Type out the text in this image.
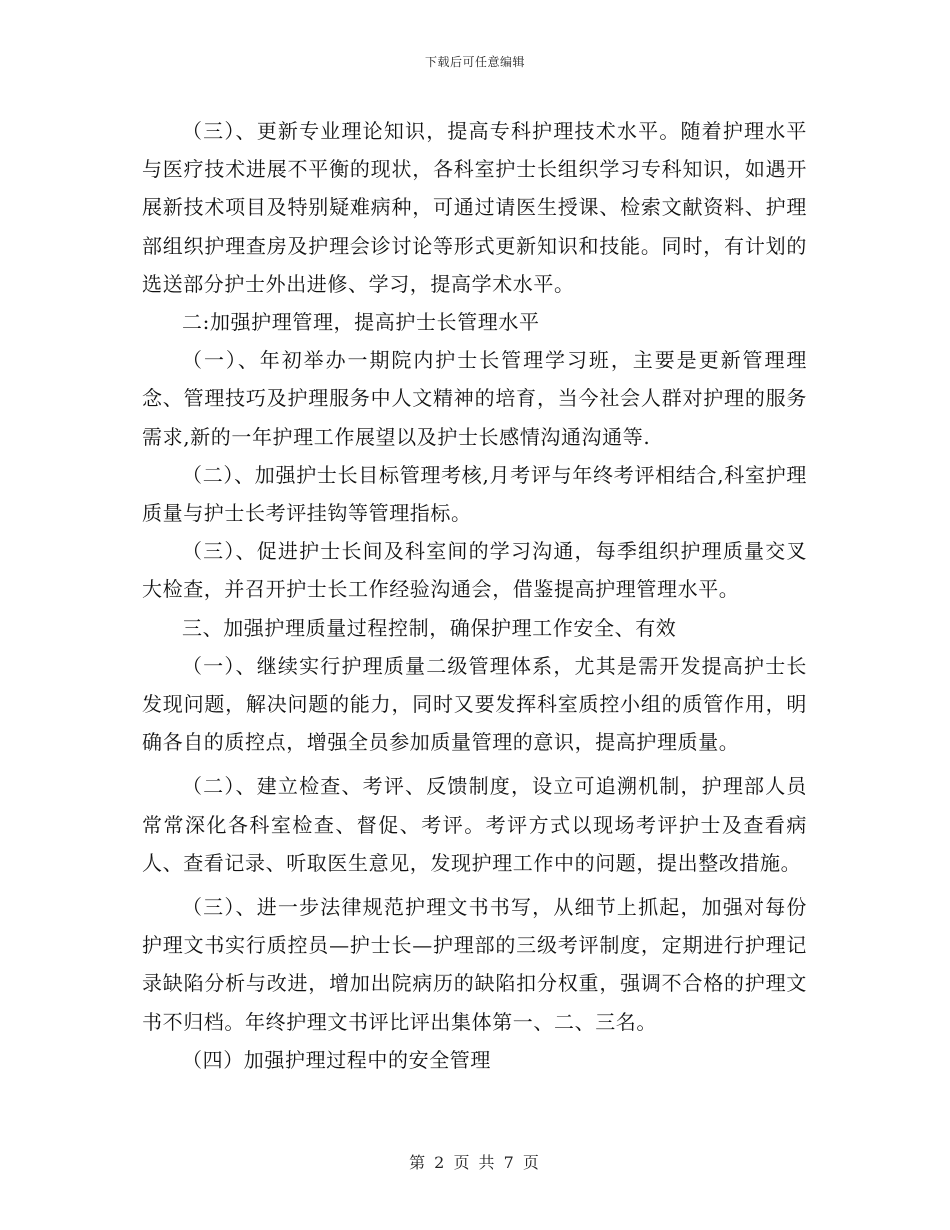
下载后可任意编辑

（三）、更新专业理论知识，提高专科护理技术水平。随着护理水平与医疗技术进展不平衡的现状，各科室护士长组织学习专科知识，如遇开展新技术项目及特别疑难病种，可通过请医生授课、检索文献资料、护理部组织护理查房及护理会诊讨论等形式更新知识和技能。同时，有计划的选送部分护士外出进修、学习，提高学术水平。

二:加强护理管理，提高护士长管理水平

（一）、年初举办一期院内护士长管理学习班，主要是更新管理理念、管理技巧及护理服务中人文精神的培育，当今社会人群对护理的服务需求,新的一年护理工作展望以及护士长感情沟通沟通等.

（二）、加强护士长目标管理考核,月考评与年终考评相结合,科室护理质量与护士长考评挂钩等管理指标。

（三）、促进护士长间及科室间的学习沟通，每季组织护理质量交叉大检查，并召开护士长工作经验沟通会，借鉴提高护理管理水平。

三、加强护理质量过程控制，确保护理工作安全、有效

（一）、继续实行护理质量二级管理体系，尤其是需开发提高护士长发现问题，解决问题的能力，同时又要发挥科室质控小组的质管作用，明确各自的质控点，增强全员参加质量管理的意识，提高护理质量。

（二）、建立检查、考评、反馈制度，设立可追溯机制，护理部人员常常深化各科室检查、督促、考评。考评方式以现场考评护士及查看病人、查看记录、听取医生意见，发现护理工作中的问题，提出整改措施。

（三）、进一步法律规范护理文书书写，从细节上抓起，加强对每份护理文书实行质控员—护士长—护理部的三级考评制度，定期进行护理记录缺陷分析与改进，增加出院病历的缺陷扣分权重，强调不合格的护理文书不归档。年终护理文书评比评出集体第一、二、三名。

（四）加强护理过程中的安全管理

第 2 页 共 7 页
